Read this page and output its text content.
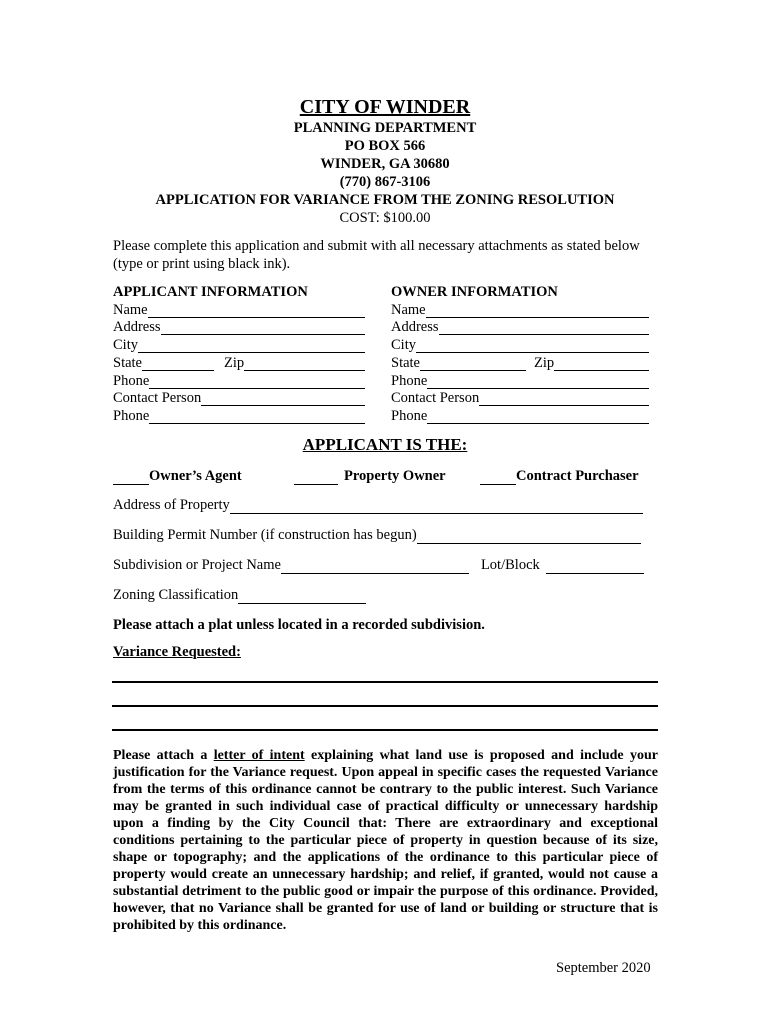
CITY OF WINDER
PLANNING DEPARTMENT
PO BOX 566
WINDER, GA 30680
(770) 867-3106
APPLICATION FOR VARIANCE FROM THE ZONING RESOLUTION
COST: $100.00
Please complete this application and submit with all necessary attachments as stated below (type or print using black ink).
APPLICANT INFORMATION
Name
Address
City
State	Zip
Phone
Contact Person
Phone
OWNER INFORMATION
Name
Address
City
State	Zip
Phone
Contact Person
Phone
APPLICANT IS THE:
Owner’s Agent	Property Owner	Contract Purchaser
Address of Property
Building Permit Number (if construction has begun)
Subdivision or Project Name	Lot/Block
Zoning Classification
Please attach a plat unless located in a recorded subdivision.
Variance Requested:
Please attach a letter of intent explaining what land use is proposed and include your justification for the Variance request. Upon appeal in specific cases the requested Variance from the terms of this ordinance cannot be contrary to the public interest. Such Variance may be granted in such individual case of practical difficulty or unnecessary hardship upon a finding by the City Council that: There are extraordinary and exceptional conditions pertaining to the particular piece of property in question because of its size, shape or topography; and the applications of the ordinance to this particular piece of property would create an unnecessary hardship; and relief, if granted, would not cause a substantial detriment to the public good or impair the purpose of this ordinance. Provided, however, that no Variance shall be granted for use of land or building or structure that is prohibited by this ordinance.
September 2020
